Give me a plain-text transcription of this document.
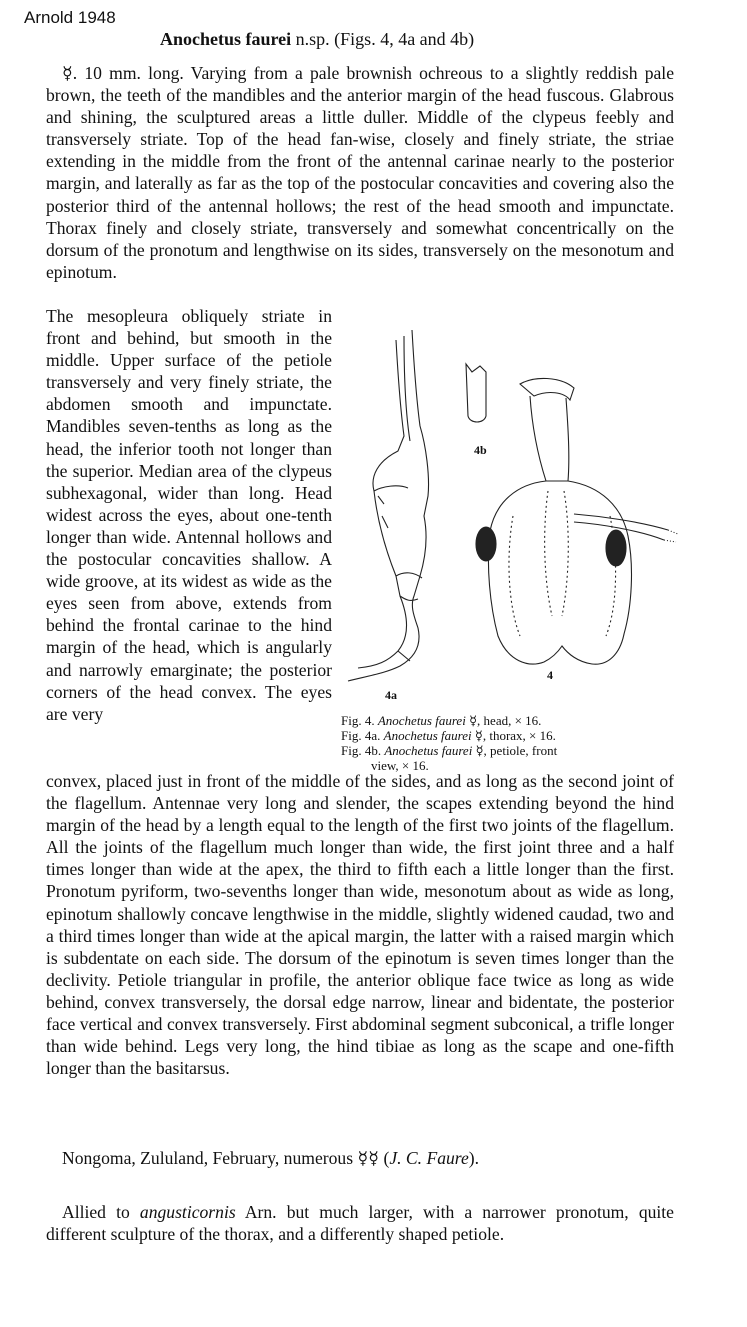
Arnold 1948
Anochetus faurei n.sp. (Figs. 4, 4a and 4b)
☿. 10 mm. long. Varying from a pale brownish ochreous to a slightly reddish pale brown, the teeth of the mandibles and the anterior margin of the head fuscous. Glabrous and shining, the sculptured areas a little duller. Middle of the clypeus feebly and transversely striate. Top of the head fan-wise, closely and finely striate, the striae extending in the middle from the front of the antennal carinae nearly to the posterior margin, and laterally as far as the top of the postocular concavities and covering also the posterior third of the antennal hollows; the rest of the head smooth and impunctate. Thorax finely and closely striate, transversely and somewhat concentrically on the dorsum of the pronotum and lengthwise on its sides, transversely on the mesonotum and epinotum.
The mesopleura obliquely striate in front and behind, but smooth in the middle. Upper surface of the petiole transversely and very finely striate, the abdomen smooth and impunctate. Mandibles seven-tenths as long as the head, the inferior tooth not longer than the superior. Median area of the clypeus subhexagonal, wider than long. Head widest across the eyes, about one-tenth longer than wide. Antennal hollows and the postocular concavities shallow. A wide groove, at its widest as wide as the eyes seen from above, extends from behind the frontal carinae to the hind margin of the head, which is angularly and narrowly emarginate; the posterior corners of the head convex. The eyes are very
convex, placed just in front of the middle of the sides, and as long as the second joint of the flagellum. Antennae very long and slender, the scapes extending beyond the hind margin of the head by a length equal to the length of the first two joints of the flagellum. All the joints of the flagellum much longer than wide, the first joint three and a half times longer than wide at the apex, the third to fifth each a little longer than the first. Pronotum pyriform, two-sevenths longer than wide, mesonotum about as wide as long, epinotum shallowly concave lengthwise in the middle, slightly widened caudad, two and a third times longer than wide at the apical margin, the latter with a raised margin which is subdentate on each side. The dorsum of the epinotum is seven times longer than the declivity. Petiole triangular in profile, the anterior oblique face twice as long as wide behind, convex transversely, the dorsal edge narrow, linear and bidentate, the posterior face vertical and convex transversely. First abdominal segment subconical, a trifle longer than wide behind. Legs very long, the hind tibiae as long as the scape and one-fifth longer than the basitarsus.
Nongoma, Zululand, February, numerous ☿☿ (J. C. Faure).
Allied to angusticornis Arn. but much larger, with a narrower pronotum, quite different sculpture of the thorax, and a differently shaped petiole.
4b
4a
4
Fig. 4. Anochetus faurei ☿, head, × 16.
Fig. 4a. Anochetus faurei ☿, thorax, × 16.
Fig. 4b. Anochetus faurei ☿, petiole, front
view, × 16.
